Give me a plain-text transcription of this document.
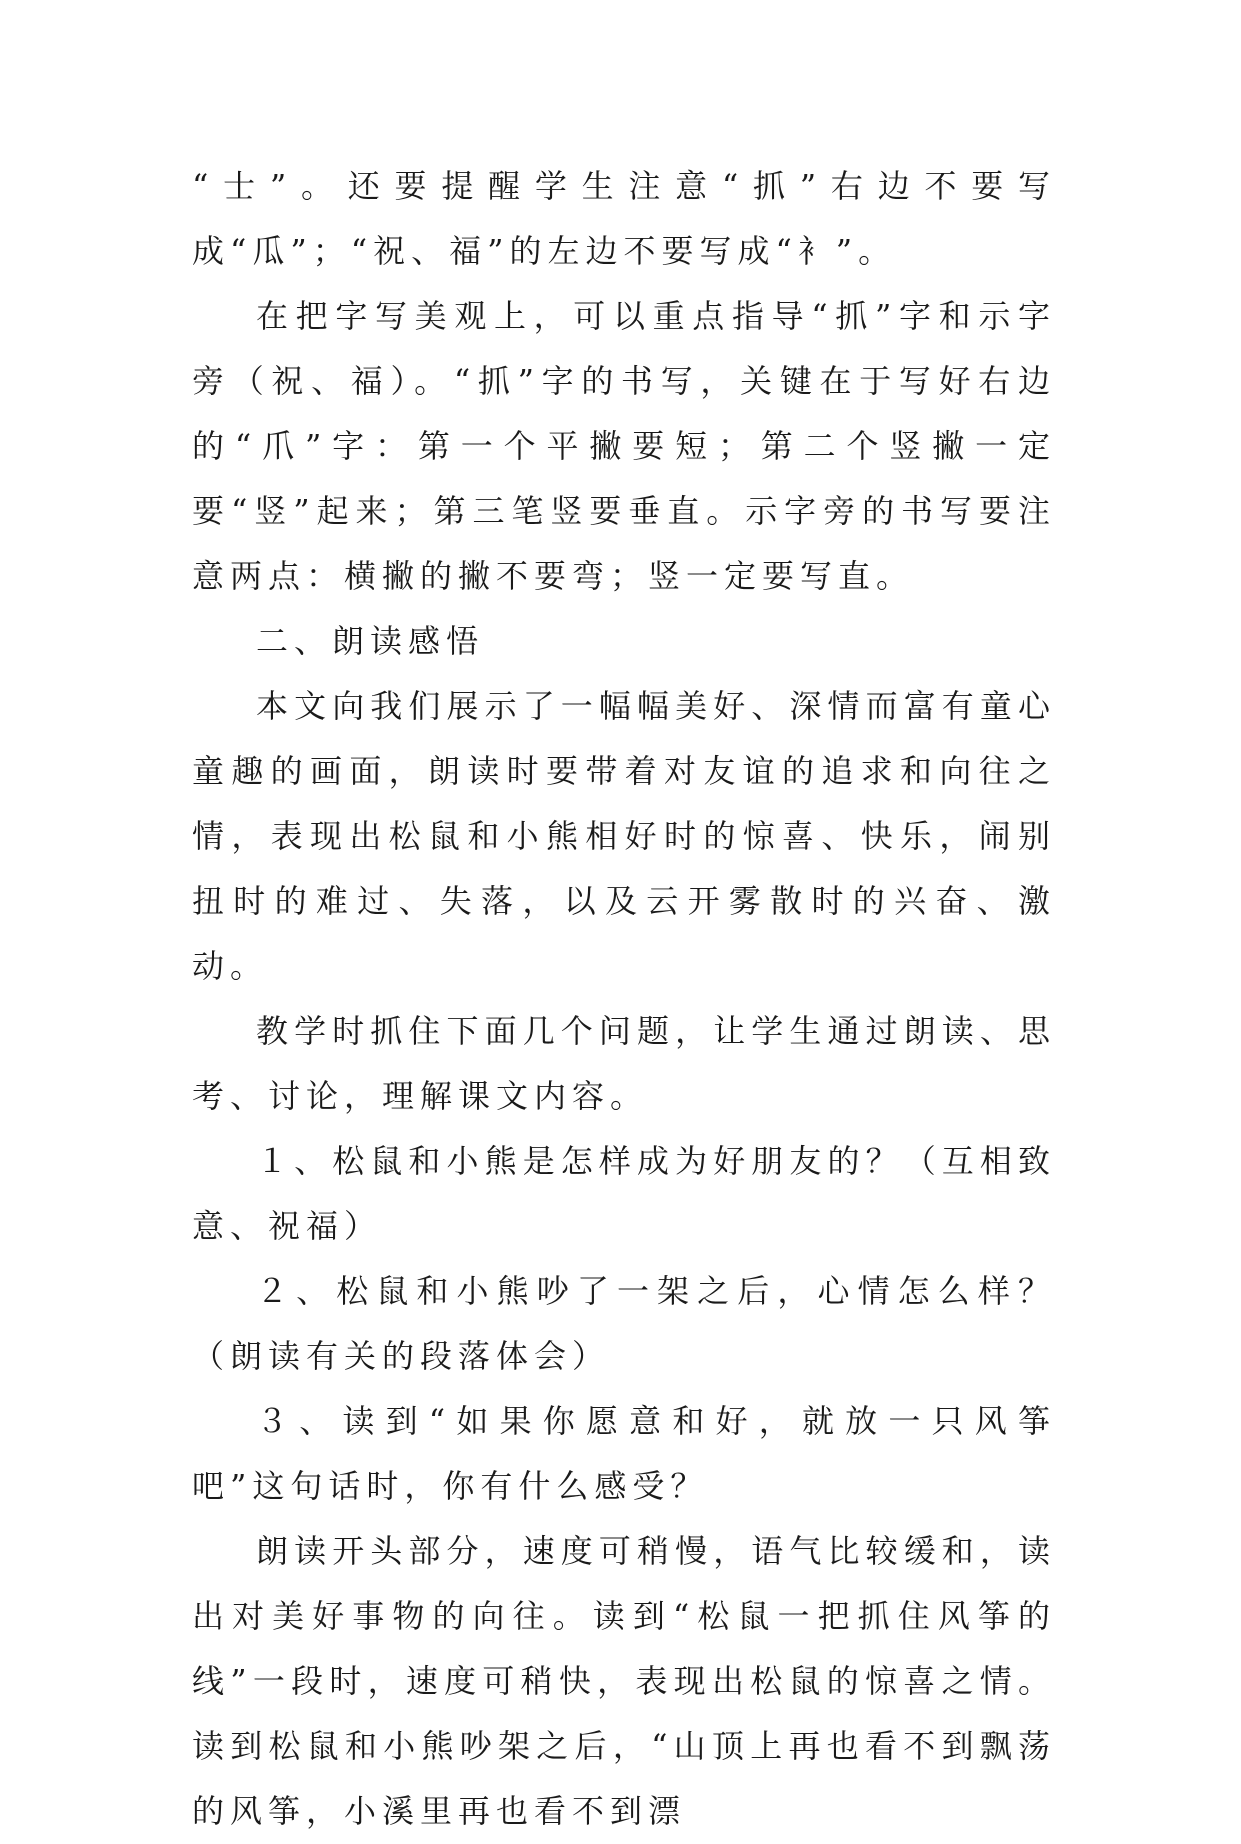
“士”。还要提醒学生注意“抓”右边不要写成“瓜”；“祝、福”的左边不要写成“衤”。

在把字写美观上，可以重点指导“抓”字和示字旁（祝、福）。“抓”字的书写，关键在于写好右边的“爪”字：第一个平撇要短；第二个竖撇一定要“竖”起来；第三笔竖要垂直。示字旁的书写要注意两点：横撇的撇不要弯；竖一定要写直。

二、朗读感悟

本文向我们展示了一幅幅美好、深情而富有童心童趣的画面，朗读时要带着对友谊的追求和向往之情，表现出松鼠和小熊相好时的惊喜、快乐，闹别扭时的难过、失落，以及云开雾散时的兴奋、激动。

教学时抓住下面几个问题，让学生通过朗读、思考、讨论，理解课文内容。

１、松鼠和小熊是怎样成为好朋友的？（互相致意、祝福）

２、松鼠和小熊吵了一架之后，心情怎么样？（朗读有关的段落体会）

３、读到“如果你愿意和好，就放一只风筝吧”这句话时，你有什么感受？

朗读开头部分，速度可稍慢，语气比较缓和，读出对美好事物的向往。读到“松鼠一把抓住风筝的线”一段时，速度可稍快，表现出松鼠的惊喜之情。读到松鼠和小熊吵架之后，“山顶上再也看不到飘荡的风筝，小溪里再也看不到漂
